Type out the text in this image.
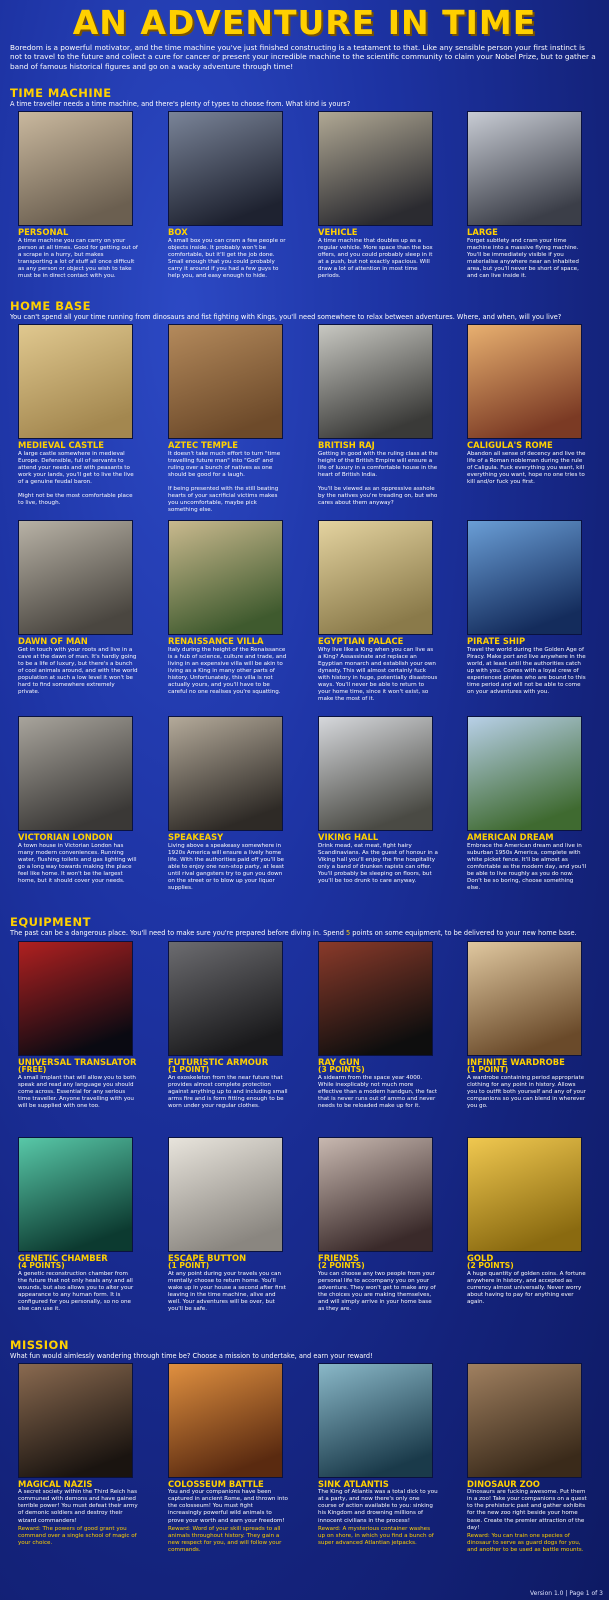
AN ADVENTURE IN TIME
Boredom is a powerful motivator, and the time machine you've just finished constructing is a testament to that. Like any sensible person your first instinct is not to travel to the future and collect a cure for cancer or present your incredible machine to the scientific community to claim your Nobel Prize, but to gather a band of famous historical figures and go on a wacky adventure through time!
TIME MACHINE
A time traveller needs a time machine, and there's plenty of types to choose from. What kind is yours?
PERSONAL
A time machine you can carry on your person at all times. Good for getting out of a scrape in a hurry, but makes transporting a lot of stuff all once difficult as any person or object you wish to take must be in direct contact with you.
BOX
A small box you can cram a few people or objects inside. It probably won't be comfortable, but it'll get the job done. Small enough that you could probably carry it around if you had a few guys to help you, and easy enough to hide.
VEHICLE
A time machine that doubles up as a regular vehicle. More space than the box offers, and you could probably sleep in it at a push, but not exactly spacious. Will draw a lot of attention in most time periods.
LARGE
Forget subtlety and cram your time machine into a massive flying machine. You'll be immediately visible if you materialise anywhere near an inhabited area, but you'll never be short of space, and can live inside it.
HOME BASE
You can't spend all your time running from dinosaurs and fist fighting with Kings, you'll need somewhere to relax between adventures. Where, and when, will you live?
MEDIEVAL CASTLE
A large castle somewhere in medieval Europe. Defensible, full of servants to attend your needs and with peasants to work your lands, you'll get to live the live of a genuine feudal baron.

Might not be the most comfortable place to live, though.
AZTEC TEMPLE
It doesn't take much effort to turn "time travelling future man" into "God" and ruling over a bunch of natives as one should be good for a laugh.

If being presented with the still beating hearts of your sacrificial victims makes you uncomfortable, maybe pick something else.
BRITISH RAJ
Getting in good with the ruling class at the height of the British Empire will ensure a life of luxury in a comfortable house in the heart of British India.

You'll be viewed as an oppressive asshole by the natives you're treading on, but who cares about them anyway?
CALIGULA'S ROME
Abandon all sense of decency and live the life of a Roman nobleman during the rule of Caligula. Fuck everything you want, kill everything you want, hope no one tries to kill and/or fuck you first.
DAWN OF MAN
Get in touch with your roots and live in a cave at the dawn of man. It's hardly going to be a life of luxury, but there's a bunch of cool animals around, and with the world population at such a low level it won't be hard to find somewhere extremely private.
RENAISSANCE VILLA
Italy during the height of the Renaissance is a hub of science, culture and trade, and living in an expensive villa will be akin to living as a King in many other parts of history. Unfortunately, this villa is not actually yours, and you'll have to be careful no one realises you're squatting.
EGYPTIAN PALACE
Why live like a King when you can live as a King? Assassinate and replace an Egyptian monarch and establish your own dynasty. This will almost certainly fuck with history in huge, potentially disastrous ways. You'll never be able to return to your home time, since it won't exist, so make the most of it.
PIRATE SHIP
Travel the world during the Golden Age of Piracy. Make port and live anywhere in the world, at least until the authorities catch up with you. Comes with a loyal crew of experienced pirates who are bound to this time period and will not be able to come on your adventures with you.
VICTORIAN LONDON
A town house in Victorian London has many modern conveniences. Running water, flushing toilets and gas lighting will go a long way towards making the place feel like home. It won't be the largest home, but it should cover your needs.
SPEAKEASY
Living above a speakeasy somewhere in 1920s America will ensure a lively home life. With the authorities paid off you'll be able to enjoy one non-stop party, at least until rival gangsters try to gun you down on the street or to blow up your liquor supplies.
VIKING HALL
Drink mead, eat meat, fight hairy Scandinavians. As the guest of honour in a Viking hall you'll enjoy the fine hospitality only a band of drunken rapists can offer. You'll probably be sleeping on floors, but you'll be too drunk to care anyway.
AMERICAN DREAM
Embrace the American dream and live in suburban 1950s America, complete with white picket fence. It'll be almost as comfortable as the modern day, and you'll be able to live roughly as you do now. Don't be so boring, choose something else.
EQUIPMENT
The past can be a dangerous place. You'll need to make sure you're prepared before diving in. Spend 5 points on some equipment, to be delivered to your new home base.
UNIVERSAL TRANSLATOR
(FREE)
A small implant that will allow you to both speak and read any language you should come across. Essential for any serious time traveller. Anyone travelling with you will be supplied with one too.
FUTURISTIC ARMOUR
(1 POINT)
An exoskeleton from the near future that provides almost complete protection against anything up to and including small arms fire and is form fitting enough to be worn under your regular clothes.
RAY GUN
(3 POINTS)
A sidearm from the space year 4000. While inexplicably not much more effective than a modern handgun, the fact that is never runs out of ammo and never needs to be reloaded make up for it.
INFINITE WARDROBE
(1 POINT)
A wardrobe containing period appropriate clothing for any point in history. Allows you to outfit both yourself and any of your companions so you can blend in wherever you go.
GENETIC CHAMBER
(4 POINTS)
A genetic reconstruction chamber from the future that not only heals any and all wounds, but also allows you to alter your appearance to any human form. It is configured for you personally, so no one else can use it.
ESCAPE BUTTON
(1 POINT)
At any point during your travels you can mentally choose to return home. You'll wake up in your house a second after first leaving in the time machine, alive and well. Your adventures will be over, but you'll be safe.
FRIENDS
(2 POINTS)
You can choose any two people from your personal life to accompany you on your adventure. They won't get to make any of the choices you are making themselves, and will simply arrive in your home base as they are.
GOLD
(2 POINTS)
A huge quantity of golden coins. A fortune anywhere in history, and accepted as currency almost universally. Never worry about having to pay for anything ever again.
MISSION
What fun would aimlessly wandering through time be? Choose a mission to undertake, and earn your reward!
MAGICAL NAZIS
A secret society within the Third Reich has communed with demons and have gained terrible power! You must defeat their army of demonic soldiers and destroy their wizard commanders!
Reward: The powers of good grant you command over a single school of magic of your choice.
COLOSSEUM BATTLE
You and your companions have been captured in ancient Rome, and thrown into the colosseum! You must fight increasingly powerful wild animals to prove your worth and earn your freedom!
Reward: Word of your skill spreads to all animals throughout history. They gain a new respect for you, and will follow your commands.
SINK ATLANTIS
The King of Atlantis was a total dick to you at a party, and now there's only one course of action available to you: sinking his Kingdom and drowning millions of innocent civilians in the process!
Reward: A mysterious container washes up on shore, in which you find a bunch of super advanced Atlantian jetpacks.
DINOSAUR ZOO
Dinosaurs are fucking awesome. Put them in a zoo! Take your companions on a quest to the prehistoric past and gather exhibits for the new zoo right beside your home base. Create the premier attraction of the day!
Reward: You can train one species of dinosaur to serve as guard dogs for you, and another to be used as battle mounts.
Version 1.0 | Page 1 of 3
